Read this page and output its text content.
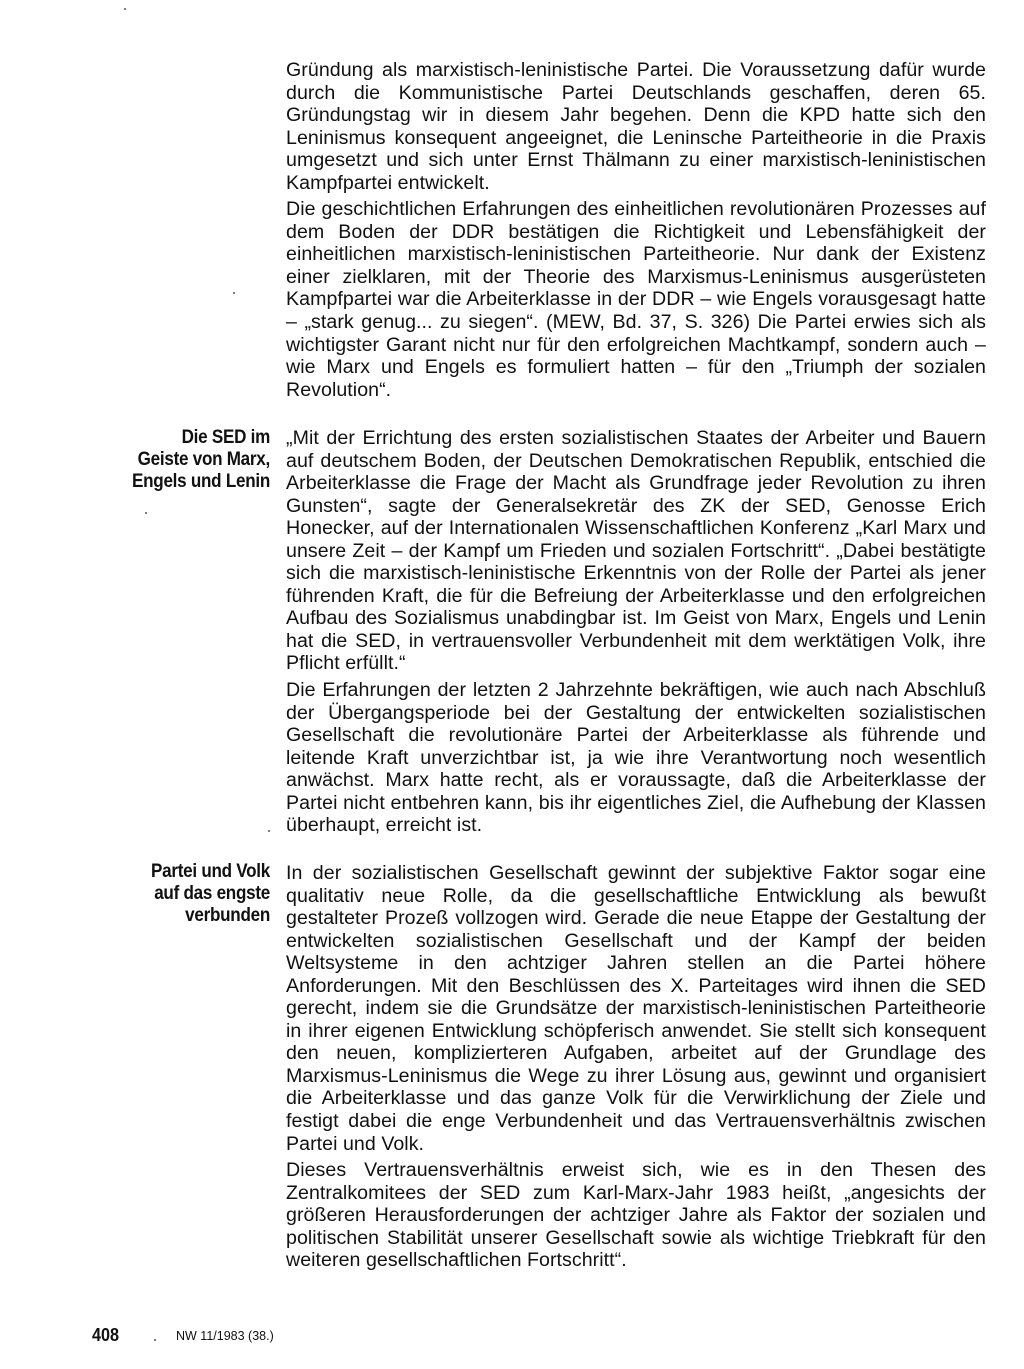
Gründung als marxistisch-leninistische Partei. Die Voraussetzung dafür wurde durch die Kommunistische Partei Deutschlands geschaffen, deren 65. Gründungstag wir in diesem Jahr begehen. Denn die KPD hatte sich den Leninismus konsequent angeeignet, die Leninsche Parteitheorie in die Praxis umgesetzt und sich unter Ernst Thälmann zu einer marxistisch-leninistischen Kampfpartei entwickelt.

Die geschichtlichen Erfahrungen des einheitlichen revolutionären Prozesses auf dem Boden der DDR bestätigen die Richtigkeit und Lebensfähigkeit der einheitlichen marxistisch-leninistischen Parteitheorie. Nur dank der Existenz einer zielklaren, mit der Theorie des Marxismus-Leninismus ausgerüsteten Kampfpartei war die Arbeiterklasse in der DDR – wie Engels vorausgesagt hatte – „stark genug... zu siegen“. (MEW, Bd. 37, S. 326) Die Partei erwies sich als wichtigster Garant nicht nur für den erfolgreichen Machtkampf, sondern auch – wie Marx und Engels es formuliert hatten – für den „Triumph der sozialen Revolution“.

Die SED im
Geiste von Marx,
Engels und Lenin

„Mit der Errichtung des ersten sozialistischen Staates der Arbeiter und Bauern auf deutschem Boden, der Deutschen Demokratischen Republik, entschied die Arbeiterklasse die Frage der Macht als Grundfrage jeder Revolution zu ihren Gunsten“, sagte der Generalsekretär des ZK der SED, Genosse Erich Honecker, auf der Internationalen Wissenschaftlichen Konferenz „Karl Marx und unsere Zeit – der Kampf um Frieden und sozialen Fortschritt“. „Dabei bestätigte sich die marxistisch-leninistische Erkenntnis von der Rolle der Partei als jener führenden Kraft, die für die Befreiung der Arbeiterklasse und den erfolgreichen Aufbau des Sozialismus unabdingbar ist. Im Geist von Marx, Engels und Lenin hat die SED, in vertrauensvoller Verbundenheit mit dem werktätigen Volk, ihre Pflicht erfüllt.“

Die Erfahrungen der letzten 2 Jahrzehnte bekräftigen, wie auch nach Abschluß der Übergangsperiode bei der Gestaltung der entwickelten sozialistischen Gesellschaft die revolutionäre Partei der Arbeiterklasse als führende und leitende Kraft unverzichtbar ist, ja wie ihre Verantwortung noch wesentlich anwächst. Marx hatte recht, als er voraussagte, daß die Arbeiterklasse der Partei nicht entbehren kann, bis ihr eigentliches Ziel, die Aufhebung der Klassen überhaupt, erreicht ist.

Partei und Volk
auf das engste
verbunden

In der sozialistischen Gesellschaft gewinnt der subjektive Faktor sogar eine qualitativ neue Rolle, da die gesellschaftliche Entwicklung als bewußt gestalteter Prozeß vollzogen wird. Gerade die neue Etappe der Gestaltung der entwickelten sozialistischen Gesellschaft und der Kampf der beiden Weltsysteme in den achtziger Jahren stellen an die Partei höhere Anforderungen. Mit den Beschlüssen des X. Parteitages wird ihnen die SED gerecht, indem sie die Grundsätze der marxistisch-leninistischen Parteitheorie in ihrer eigenen Entwicklung schöpferisch anwendet. Sie stellt sich konsequent den neuen, komplizierteren Aufgaben, arbeitet auf der Grundlage des Marxismus-Leninismus die Wege zu ihrer Lösung aus, gewinnt und organisiert die Arbeiterklasse und das ganze Volk für die Verwirklichung der Ziele und festigt dabei die enge Verbundenheit und das Vertrauensverhältnis zwischen Partei und Volk.

Dieses Vertrauensverhältnis erweist sich, wie es in den Thesen des Zentralkomitees der SED zum Karl-Marx-Jahr 1983 heißt, „angesichts der größeren Herausforderungen der achtziger Jahre als Faktor der sozialen und politischen Stabilität unserer Gesellschaft sowie als wichtige Triebkraft für den weiteren gesellschaftlichen Fortschritt“.

408	NW 11/1983 (38.)
